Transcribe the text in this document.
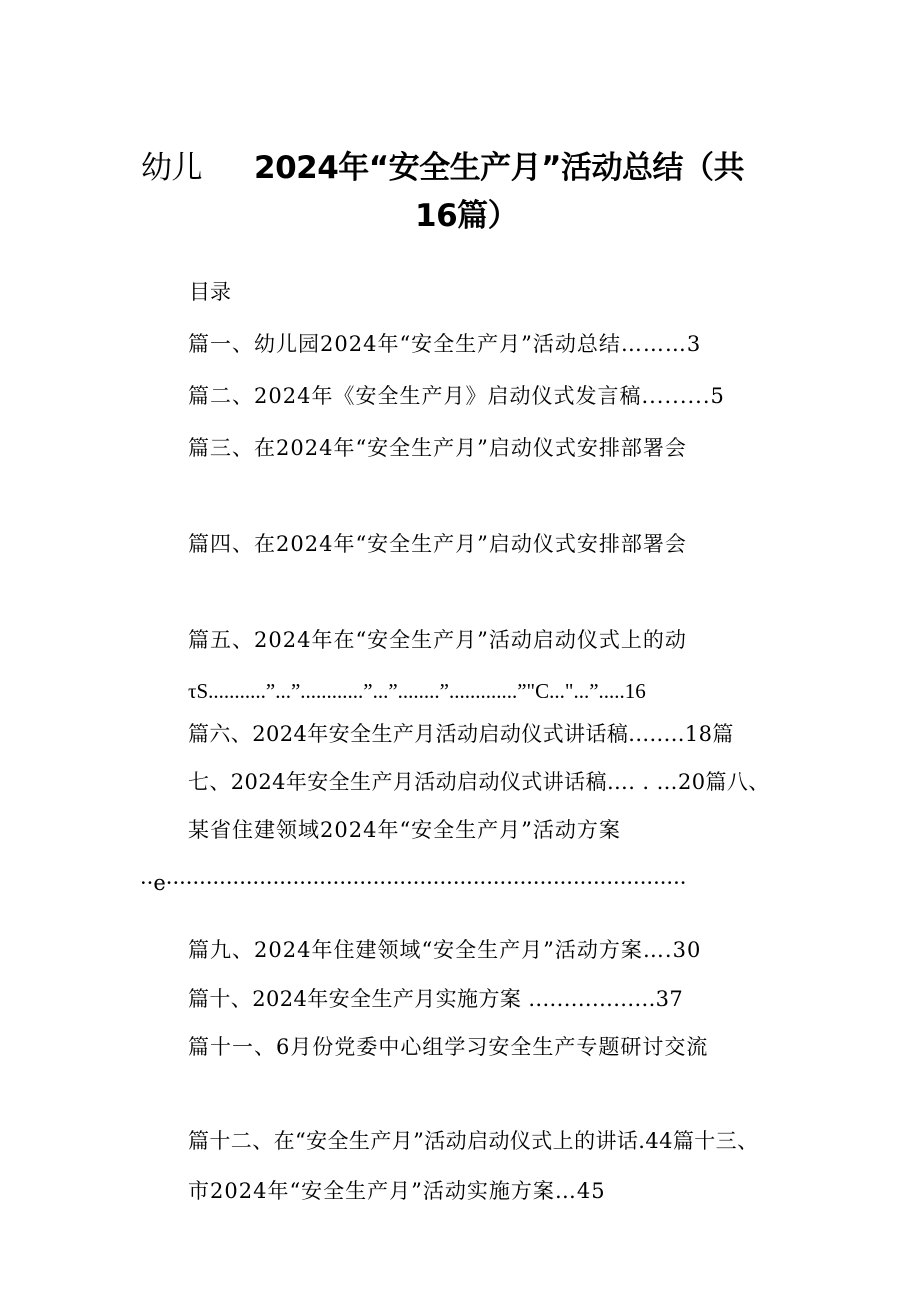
幼儿 2024年“安全生产月”活动总结（共
16篇）
目录
篇一、幼儿园2024年“安全生产月”活动总结………3
篇二、2024年《安全生产月》启动仪式发言稿.........5
篇三、在2024年“安全生产月”启动仪式安排部署会
篇四、在2024年“安全生产月”启动仪式安排部署会
篇五、2024年在“安全生产月”活动启动仪式上的动
τS...........”...”............”...”........”.............”"C..."...”.....16
篇六、2024年安全生产月活动启动仪式讲话稿........18篇
七、2024年安全生产月活动启动仪式讲话稿…. . …20篇八、
某省住建领域2024年“安全生产月”活动方案
··e··············································································
篇九、2024年住建领域“安全生产月”活动方案….30
篇十、2024年安全生产月实施方案 ..................37
篇十一、6月份党委中心组学习安全生产专题研讨交流
篇十二、在“安全生产月”活动启动仪式上的讲话.44篇十三、
市2024年“安全生产月”活动实施方案…45
